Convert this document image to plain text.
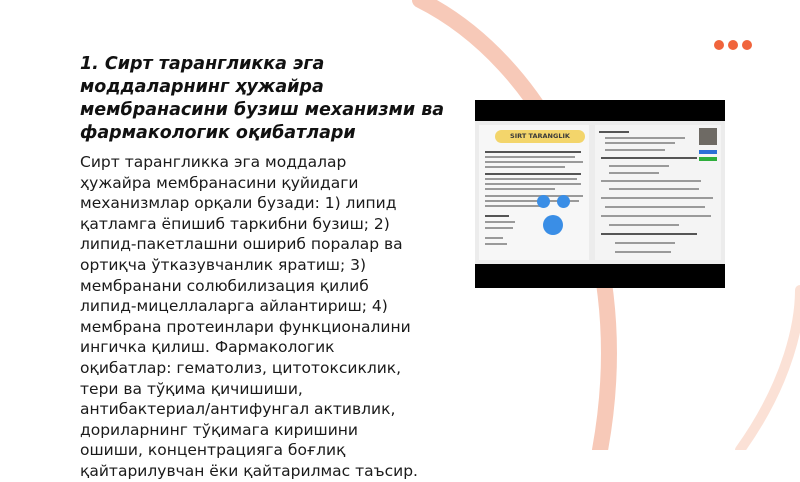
1. Сирт тарангликка эга моддаларнинг ҳужайра мембранасини бузиш механизми ва фармакологик оқибатлари

Сирт тарангликка эга моддалар ҳужайра мембранасини қуйидаги механизмлар орқали бузади: 1) липид қатламга ёпишиб таркибни бузиш; 2) липид-пакетлашни ошириб поралар ва ортиқча ўтказувчанлик яратиш; 3) мембранани солюбилизация қилиб липид-мицеллаларга айлантириш; 4) мембрана протеинлари функционалини ингичка қилиш. Фармакологик оқибатлар: гематолиз, цитотоксиклик, тери ва тўқима қичишиши, антибактериал/антифунгал активлик, дориларнинг тўқимага киришини ошиши, концентрацияга боғлиқ қайтарилувчан ёки қайтарилмас таъсир.

SIRT TARANGLIK
